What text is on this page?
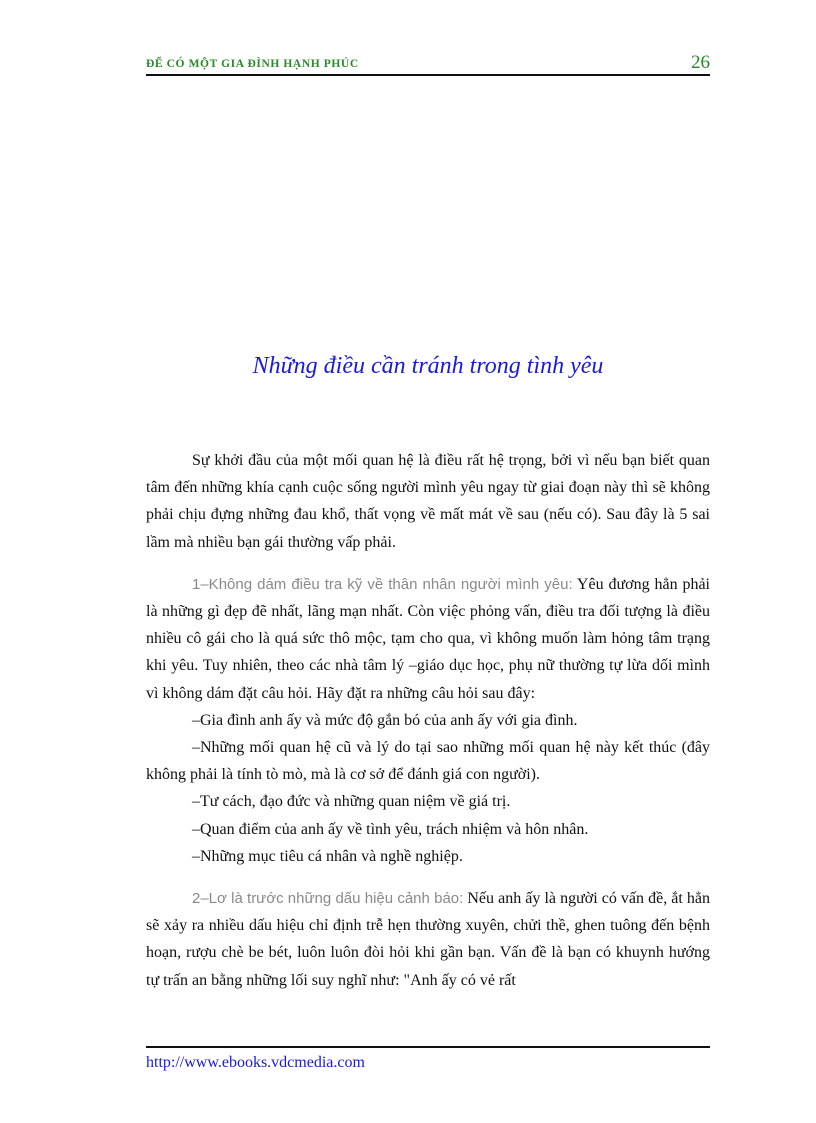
ĐỂ CÓ MỘT GIA ĐÌNH HẠNH PHÚC	26
Những điều cần tránh trong tình yêu

Sự khởi đầu của một mối quan hệ là điều rất hệ trọng, bởi vì nếu bạn biết quan tâm đến những khía cạnh cuộc sống người mình yêu ngay từ giai đoạn này thì sẽ không phải chịu đựng những đau khổ, thất vọng về mất mát về sau (nếu có). Sau đây là 5 sai lầm mà nhiều bạn gái thường vấp phải.

1–Không dám điều tra kỹ về thân nhân người mình yêu: Yêu đương hẳn phải là những gì đẹp đẽ nhất, lãng mạn nhất. Còn việc phỏng vấn, điều tra đối tượng là điều nhiều cô gái cho là quá sức thô mộc, tạm cho qua, vì không muốn làm hỏng tâm trạng khi yêu. Tuy nhiên, theo các nhà tâm lý –giáo dục học, phụ nữ thường tự lừa dối mình vì không dám đặt câu hỏi. Hãy đặt ra những câu hỏi sau đây:

–Gia đình anh ấy và mức độ gắn bó của anh ấy với gia đình.

–Những mối quan hệ cũ và lý do tại sao những mối quan hệ này kết thúc (đây không phải là tính tò mò, mà là cơ sở để đánh giá con người).

–Tư cách, đạo đức và những quan niệm về giá trị.

–Quan điểm của anh ấy về tình yêu, trách nhiệm và hôn nhân.

–Những mục tiêu cá nhân và nghề nghiệp.

2–Lơ là trước những dấu hiệu cảnh báo: Nếu anh ấy là người có vấn đề, ắt hẳn sẽ xảy ra nhiều dấu hiệu chỉ định trễ hẹn thường xuyên, chửi thề, ghen tuông đến bệnh hoạn, rượu chè be bét, luôn luôn đòi hỏi khi gần bạn. Vấn đề là bạn có khuynh hướng tự trấn an bằng những lối suy nghĩ như: "Anh ấy có vẻ rất

http://www.ebooks.vdcmedia.com
